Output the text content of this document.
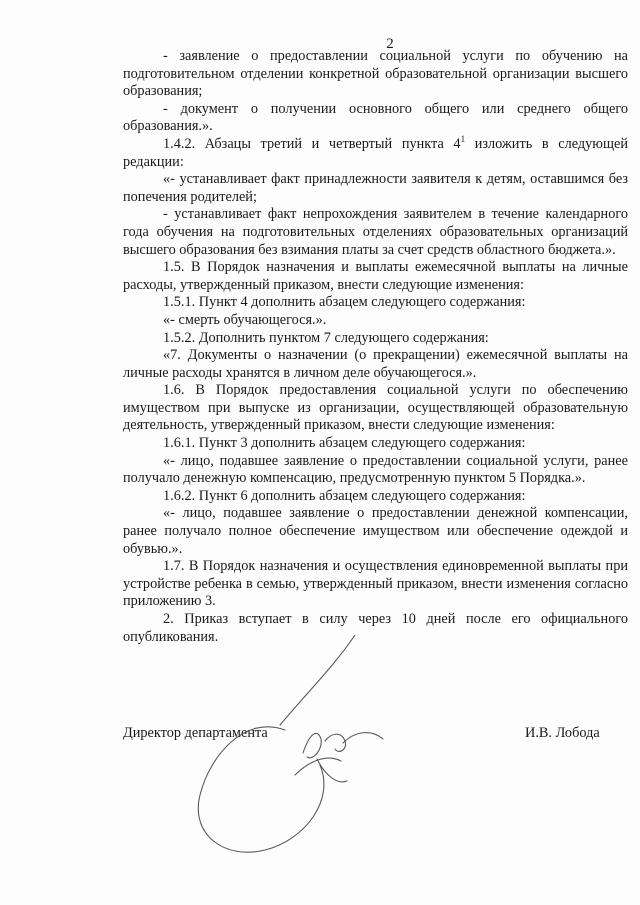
2

- заявление о предоставлении социальной услуги по обучению на подготовительном отделении конкретной образовательной организации высшего образования;

- документ о получении основного общего или среднего общего образования.».

1.4.2. Абзацы третий и четвертый пункта $4^1$ изложить в следующей редакции:

«- устанавливает факт принадлежности заявителя к детям, оставшимся без попечения родителей;

- устанавливает факт непрохождения заявителем в течение календарного года обучения на подготовительных отделениях образовательных организаций высшего образования без взимания платы за счет средств областного бюджета.».

1.5. В Порядок назначения и выплаты ежемесячной выплаты на личные расходы, утвержденный приказом, внести следующие изменения:

1.5.1. Пункт 4 дополнить абзацем следующего содержания:

«- смерть обучающегося.».

1.5.2. Дополнить пунктом 7 следующего содержания:

«7. Документы о назначении (о прекращении) ежемесячной выплаты на личные расходы хранятся в личном деле обучающегося.».

1.6. В Порядок предоставления социальной услуги по обеспечению имуществом при выпуске из организации, осуществляющей образовательную деятельность, утвержденный приказом, внести следующие изменения:

1.6.1. Пункт 3 дополнить абзацем следующего содержания:

«- лицо, подавшее заявление о предоставлении социальной услуги, ранее получало денежную компенсацию, предусмотренную пунктом 5 Порядка.».

1.6.2. Пункт 6 дополнить абзацем следующего содержания:

«- лицо, подавшее заявление о предоставлении денежной компенсации, ранее получало полное обеспечение имуществом или обеспечение одеждой и обувью.».

1.7. В Порядок назначения и осуществления единовременной выплаты при устройстве ребенка в семью, утвержденный приказом, внести изменения согласно приложению 3.

2. Приказ вступает в силу через 10 дней после его официального опубликования.

Директор департамента	И.В. Лобода
